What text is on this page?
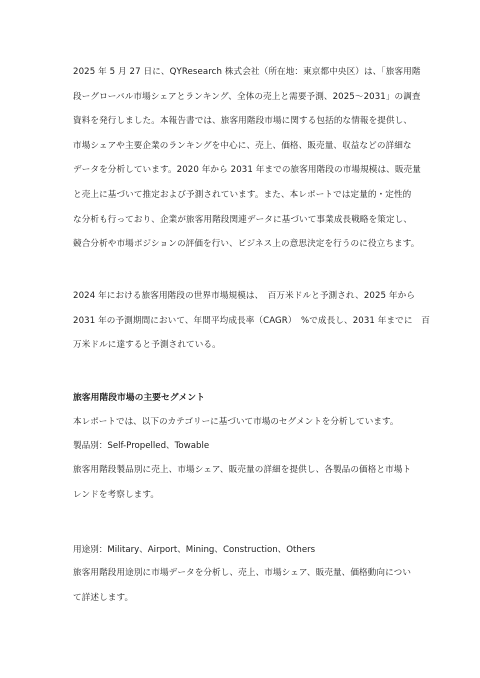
2025 年 5 月 27 日に、QYResearch 株式会社（所在地：東京都中央区）は、「旅客用階
段ーグローバル市場シェアとランキング、全体の売上と需要予測、2025～2031」の調査
資料を発行しました。本報告書では、旅客用階段市場に関する包括的な情報を提供し、
市場シェアや主要企業のランキングを中心に、売上、価格、販売量、収益などの詳細な
データを分析しています。2020 年から 2031 年までの旅客用階段の市場規模は、販売量
と売上に基づいて推定および予測されています。また、本レポートでは定量的・定性的
な分析も行っており、企業が旅客用階段関連データに基づいて事業成長戦略を策定し、
競合分析や市場ポジションの評価を行い、ビジネス上の意思決定を行うのに役立ちます。
2024 年における旅客用階段の世界市場規模は、　百万米ドルと予測され、2025 年から
2031 年の予測期間において、年間平均成長率（CAGR）　%で成長し、2031 年までに　百
万米ドルに達すると予測されている。
旅客用階段市場の主要セグメント
本レポートでは、以下のカテゴリーに基づいて市場のセグメントを分析しています。
製品別：Self-Propelled、Towable
旅客用階段製品別に売上、市場シェア、販売量の詳細を提供し、各製品の価格と市場ト
レンドを考察します。
用途別：Military、Airport、Mining、Construction、Others
旅客用階段用途別に市場データを分析し、売上、市場シェア、販売量、価格動向につい
て詳述します。
